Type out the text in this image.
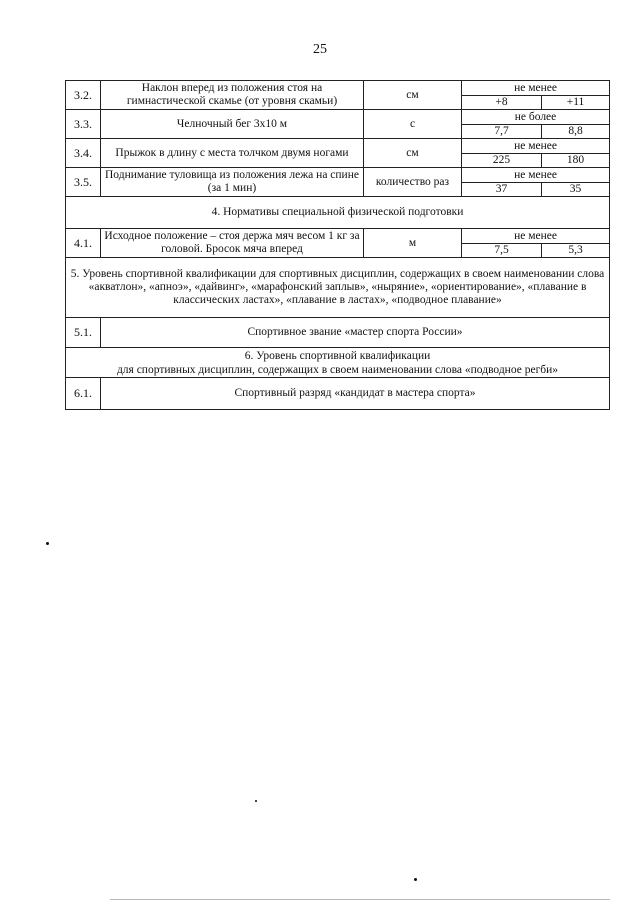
25
3.2.	Наклон вперед из положения стоя на гимнастической скамье (от уровня скамьи)	см	не менее	
			+8	+11
3.3.	Челночный бег 3х10 м	с	не более	
			7,7	8,8
3.4.	Прыжок в длину с места толчком двумя ногами	см	не менее	
			225	180
3.5.	Поднимание туловища из положения лежа на спине (за 1 мин)	количество раз	не менее	
			37	35
4. Нормативы специальной физической подготовки				
4.1.	Исходное положение – стоя держа мяч весом 1 кг за головой. Бросок мяча вперед	м	не менее	
			7,5	5,3
5. Уровень спортивной квалификации для спортивных дисциплин, содержащих в своем наименовании слова «акватлон», «апноэ», «дайвинг», «марафонский заплыв», «ныряние», «ориентирование», «плавание в классических ластах», «плавание в ластах», «подводное плавание»				
5.1.	Спортивное звание «мастер спорта России»			

6. Уровень спортивной квалификации
для спортивных дисциплин, содержащих в своем наименовании слова «подводное регби»				

6.1.	Спортивный разряд «кандидат в мастера спорта»			
